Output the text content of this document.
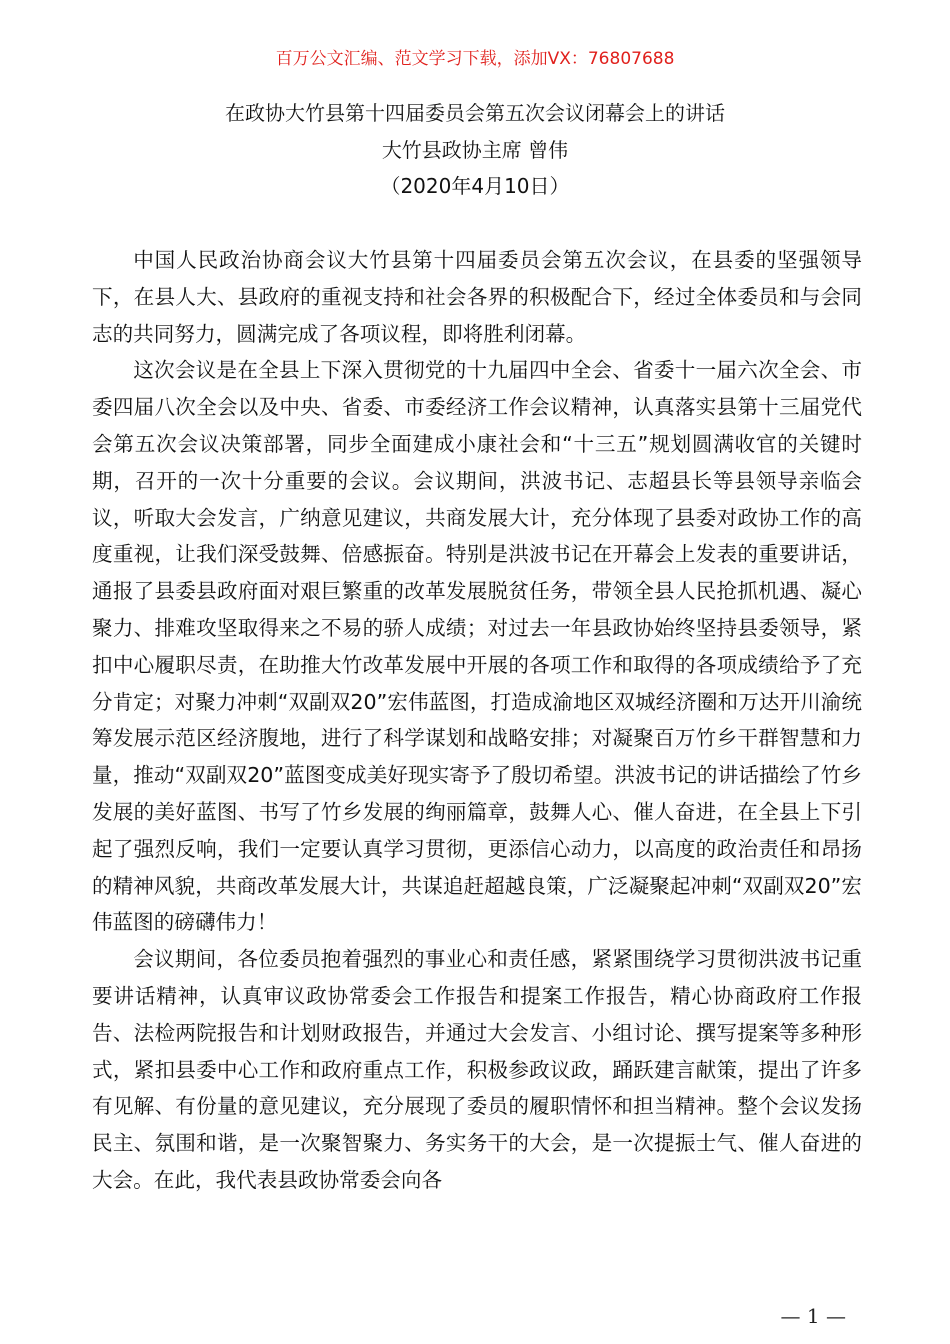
百万公文汇编、范文学习下载，添加VX：76807688
在政协大竹县第十四届委员会第五次会议闭幕会上的讲话
大竹县政协主席 曾伟
（2020年4月10日）

中国人民政治协商会议大竹县第十四届委员会第五次会议，在县委的坚强领导下，在县人大、县政府的重视支持和社会各界的积极配合下，经过全体委员和与会同志的共同努力，圆满完成了各项议程，即将胜利闭幕。

这次会议是在全县上下深入贯彻党的十九届四中全会、省委十一届六次全会、市委四届八次全会以及中央、省委、市委经济工作会议精神，认真落实县第十三届党代会第五次会议决策部署，同步全面建成小康社会和“十三五”规划圆满收官的关键时期，召开的一次十分重要的会议。会议期间，洪波书记、志超县长等县领导亲临会议，听取大会发言，广纳意见建议，共商发展大计，充分体现了县委对政协工作的高度重视，让我们深受鼓舞、倍感振奋。特别是洪波书记在开幕会上发表的重要讲话，通报了县委县政府面对艰巨繁重的改革发展脱贫任务，带领全县人民抢抓机遇、凝心聚力、排难攻坚取得来之不易的骄人成绩；对过去一年县政协始终坚持县委领导，紧扣中心履职尽责，在助推大竹改革发展中开展的各项工作和取得的各项成绩给予了充分肯定；对聚力冲刺“双副双20”宏伟蓝图，打造成渝地区双城经济圈和万达开川渝统筹发展示范区经济腹地，进行了科学谋划和战略安排；对凝聚百万竹乡干群智慧和力量，推动“双副双20”蓝图变成美好现实寄予了殷切希望。洪波书记的讲话描绘了竹乡发展的美好蓝图、书写了竹乡发展的绚丽篇章，鼓舞人心、催人奋进，在全县上下引起了强烈反响，我们一定要认真学习贯彻，更添信心动力，以高度的政治责任和昂扬的精神风貌，共商改革发展大计，共谋追赶超越良策，广泛凝聚起冲刺“双副双20”宏伟蓝图的磅礴伟力！

会议期间，各位委员抱着强烈的事业心和责任感，紧紧围绕学习贯彻洪波书记重要讲话精神，认真审议政协常委会工作报告和提案工作报告，精心协商政府工作报告、法检两院报告和计划财政报告，并通过大会发言、小组讨论、撰写提案等多种形式，紧扣县委中心工作和政府重点工作，积极参政议政，踊跃建言献策，提出了许多有见解、有份量的意见建议，充分展现了委员的履职情怀和担当精神。整个会议发扬民主、氛围和谐，是一次聚智聚力、务实务干的大会，是一次提振士气、催人奋进的大会。在此，我代表县政协常委会向各

— 1 —
